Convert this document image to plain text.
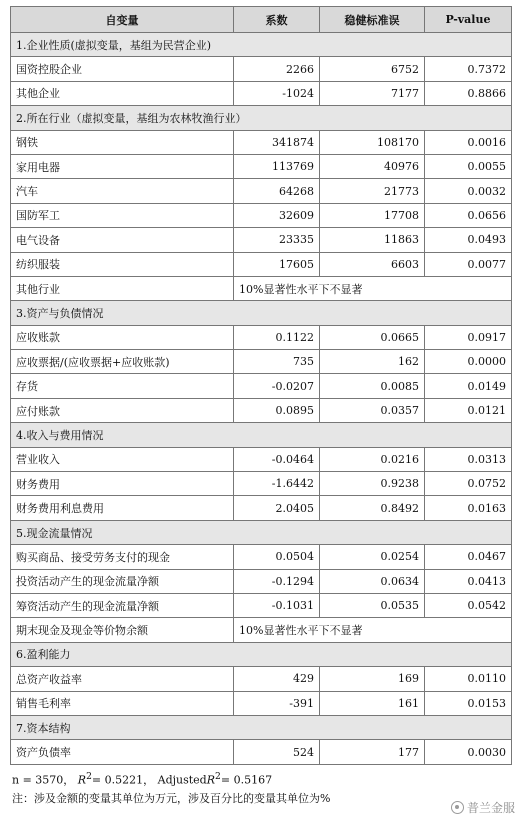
自变量	系数	稳健标准误	P-value
1.企业性质(虚拟变量，基组为民营企业)			
国资控股企业	2266	6752	0.7372
其他企业	-1024	7177	0.8866
2.所在行业（虚拟变量，基组为农林牧渔行业）			
钢铁	341874	108170	0.0016
家用电器	113769	40976	0.0055
汽车	64268	21773	0.0032
国防军工	32609	17708	0.0656
电气设备	23335	11863	0.0493
纺织服装	17605	6603	0.0077
其他行业	10%显著性水平下不显著		
3.资产与负债情况			
应收账款	0.1122	0.0665	0.0917
应收票据/(应收票据+应收账款)	735	162	0.0000
存货	-0.0207	0.0085	0.0149
应付账款	0.0895	0.0357	0.0121
4.收入与费用情况			
营业收入	-0.0464	0.0216	0.0313
财务费用	-1.6442	0.9238	0.0752
财务费用利息费用	2.0405	0.8492	0.0163
5.现金流量情况			
购买商品、接受劳务支付的现金	0.0504	0.0254	0.0467
投资活动产生的现金流量净额	-0.1294	0.0634	0.0413
筹资活动产生的现金流量净额	-0.1031	0.0535	0.0542
期末现金及现金等价物余额	10%显著性水平下不显著		
6.盈利能力			
总资产收益率	429	169	0.0110
销售毛利率	-391	161	0.0153
7.资本结构			
资产负债率	524	177	0.0030
n = 3570， $R^2= 0.5221$， AdjustedR$^2$= 0.5167
注：涉及金额的变量其单位为万元，涉及百分比的变量其单位为%
普兰金服
